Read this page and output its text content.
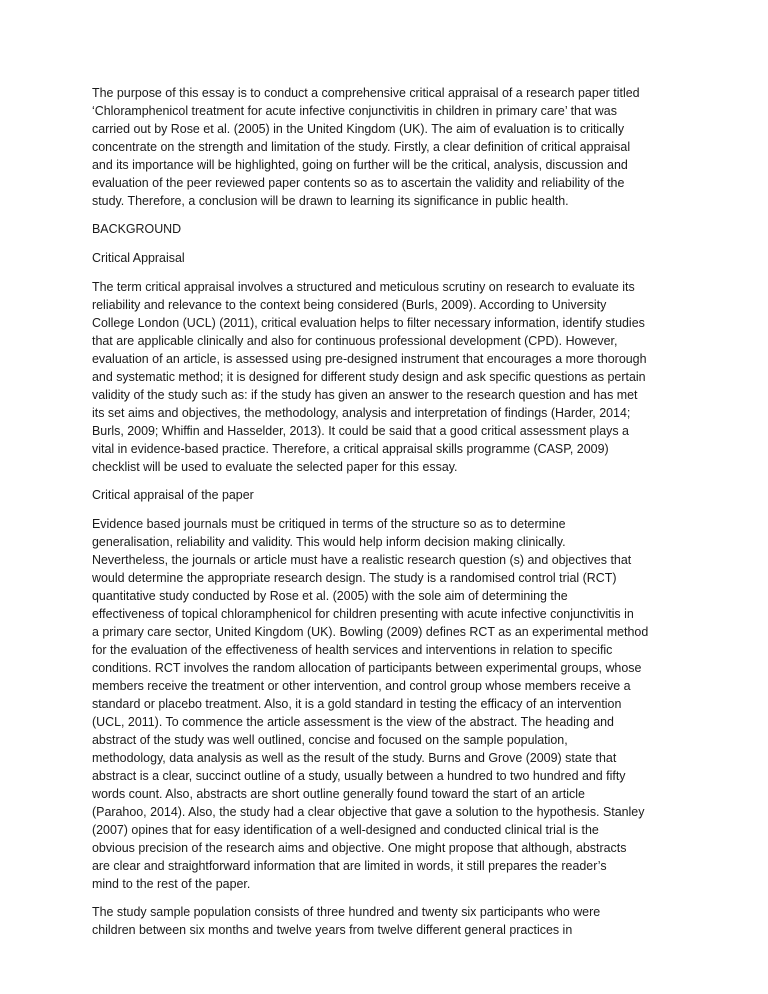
The purpose of this essay is to conduct a comprehensive critical appraisal of a research paper titled
‘Chloramphenicol treatment for acute infective conjunctivitis in children in primary care’ that was
carried out by Rose et al. (2005) in the United Kingdom (UK). The aim of evaluation is to critically
concentrate on the strength and limitation of the study. Firstly, a clear definition of critical appraisal
and its importance will be highlighted, going on further will be the critical, analysis, discussion and
evaluation of the peer reviewed paper contents so as to ascertain the validity and reliability of the
study. Therefore, a conclusion will be drawn to learning its significance in public health.

BACKGROUND

Critical Appraisal

The term critical appraisal involves a structured and meticulous scrutiny on research to evaluate its
reliability and relevance to the context being considered (Burls, 2009). According to University
College London (UCL) (2011), critical evaluation helps to filter necessary information, identify studies
that are applicable clinically and also for continuous professional development (CPD). However,
evaluation of an article, is assessed using pre-designed instrument that encourages a more thorough
and systematic method; it is designed for different study design and ask specific questions as pertain
validity of the study such as: if the study has given an answer to the research question and has met
its set aims and objectives, the methodology, analysis and interpretation of findings (Harder, 2014;
Burls, 2009; Whiffin and Hasselder, 2013). It could be said that a good critical assessment plays a
vital in evidence-based practice. Therefore, a critical appraisal skills programme (CASP, 2009)
checklist will be used to evaluate the selected paper for this essay.

Critical appraisal of the paper

Evidence based journals must be critiqued in terms of the structure so as to determine
generalisation, reliability and validity. This would help inform decision making clinically.
Nevertheless, the journals or article must have a realistic research question (s) and objectives that
would determine the appropriate research design. The study is a randomised control trial (RCT)
quantitative study conducted by Rose et al. (2005) with the sole aim of determining the
effectiveness of topical chloramphenicol for children presenting with acute infective conjunctivitis in
a primary care sector, United Kingdom (UK). Bowling (2009) defines RCT as an experimental method
for the evaluation of the effectiveness of health services and interventions in relation to specific
conditions. RCT involves the random allocation of participants between experimental groups, whose
members receive the treatment or other intervention, and control group whose members receive a
standard or placebo treatment. Also, it is a gold standard in testing the efficacy of an intervention
(UCL, 2011). To commence the article assessment is the view of the abstract. The heading and
abstract of the study was well outlined, concise and focused on the sample population,
methodology, data analysis as well as the result of the study. Burns and Grove (2009) state that
abstract is a clear, succinct outline of a study, usually between a hundred to two hundred and fifty
words count. Also, abstracts are short outline generally found toward the start of an article
(Parahoo, 2014). Also, the study had a clear objective that gave a solution to the hypothesis. Stanley
(2007) opines that for easy identification of a well-designed and conducted clinical trial is the
obvious precision of the research aims and objective. One might propose that although, abstracts
are clear and straightforward information that are limited in words, it still prepares the reader’s
mind to the rest of the paper.

The study sample population consists of three hundred and twenty six participants who were
children between six months and twelve years from twelve different general practices in
